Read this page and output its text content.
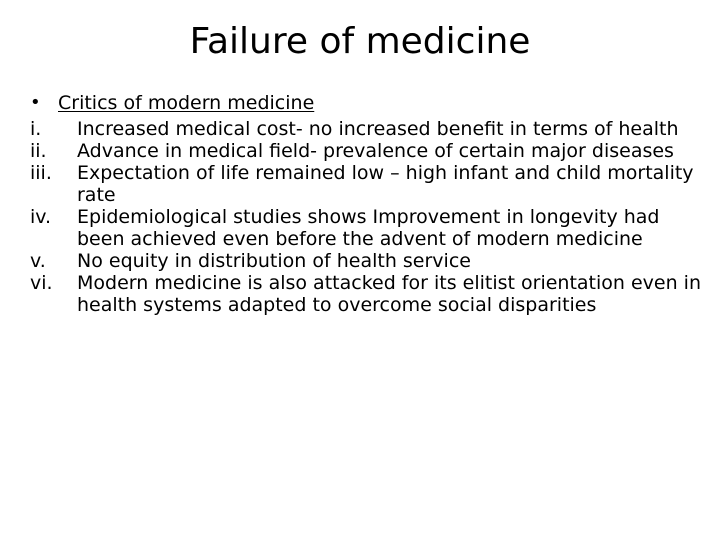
Failure of medicine
• Critics of modern medicine
i.	Increased medical cost- no increased benefit in terms of health
ii.	Advance in medical field- prevalence of certain major diseases
iii.	Expectation of life remained low – high infant and child mortality rate
iv.	Epidemiological studies shows Improvement in longevity had been achieved even before the advent of modern medicine
v.	No equity in distribution of health service
vi.	Modern medicine is also attacked for its elitist orientation even in health systems adapted to overcome social disparities
